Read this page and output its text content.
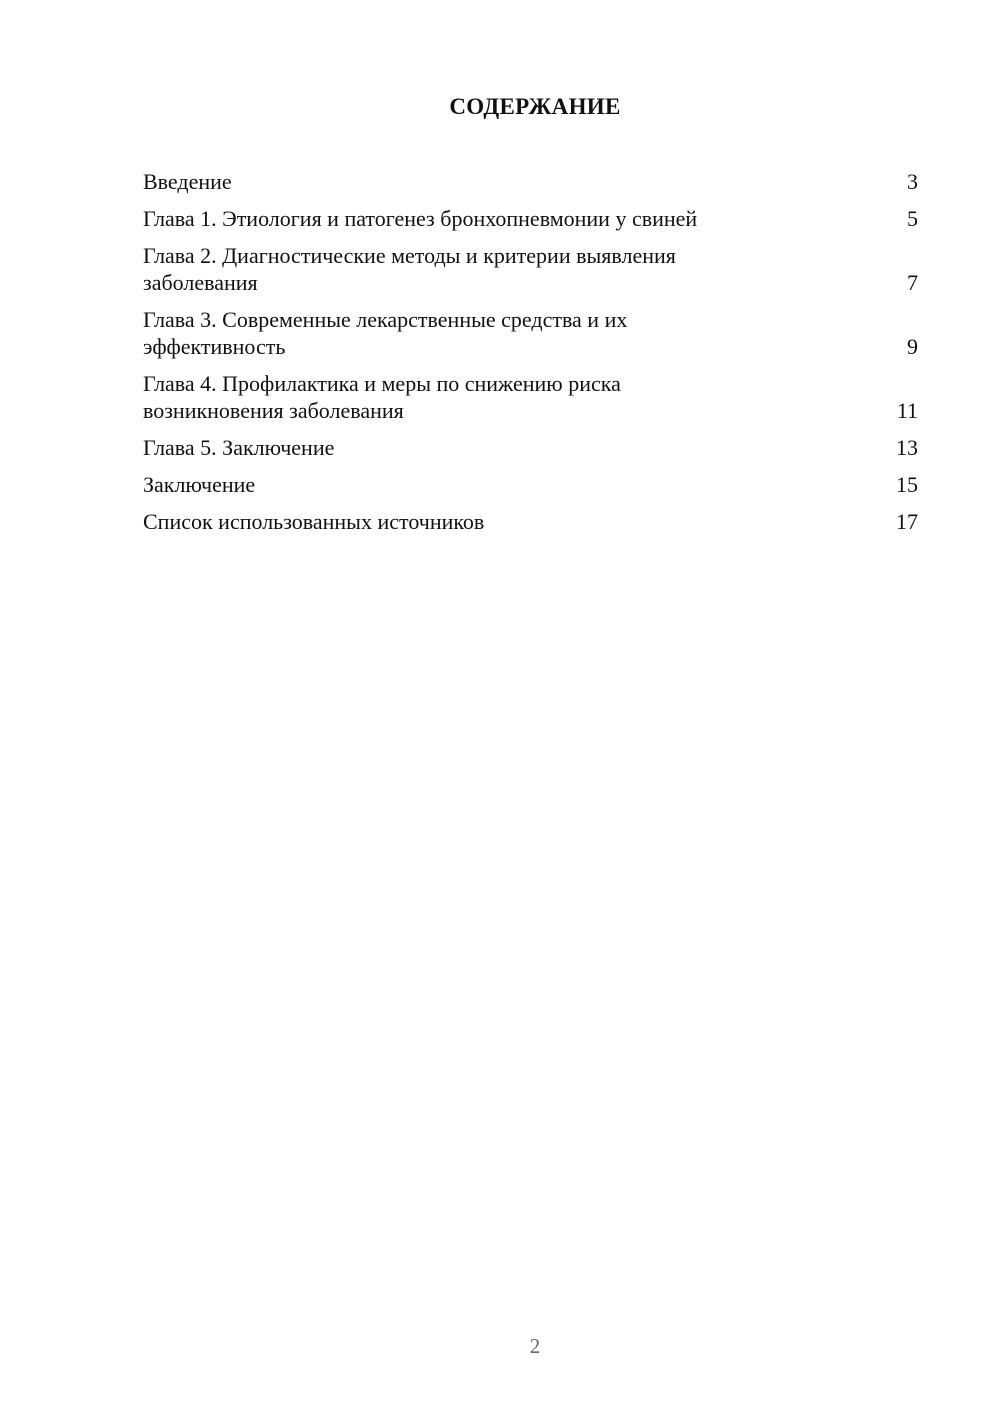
СОДЕРЖАНИЕ
Введение	3
Глава 1. Этиология и патогенез бронхопневмонии у свиней	5
Глава 2. Диагностические методы и критерии выявления
заболевания	7
Глава 3. Современные лекарственные средства и их
эффективность	9
Глава 4. Профилактика и меры по снижению риска
возникновения заболевания	11
Глава 5. Заключение	13
Заключение	15
Список использованных источников	17
2
